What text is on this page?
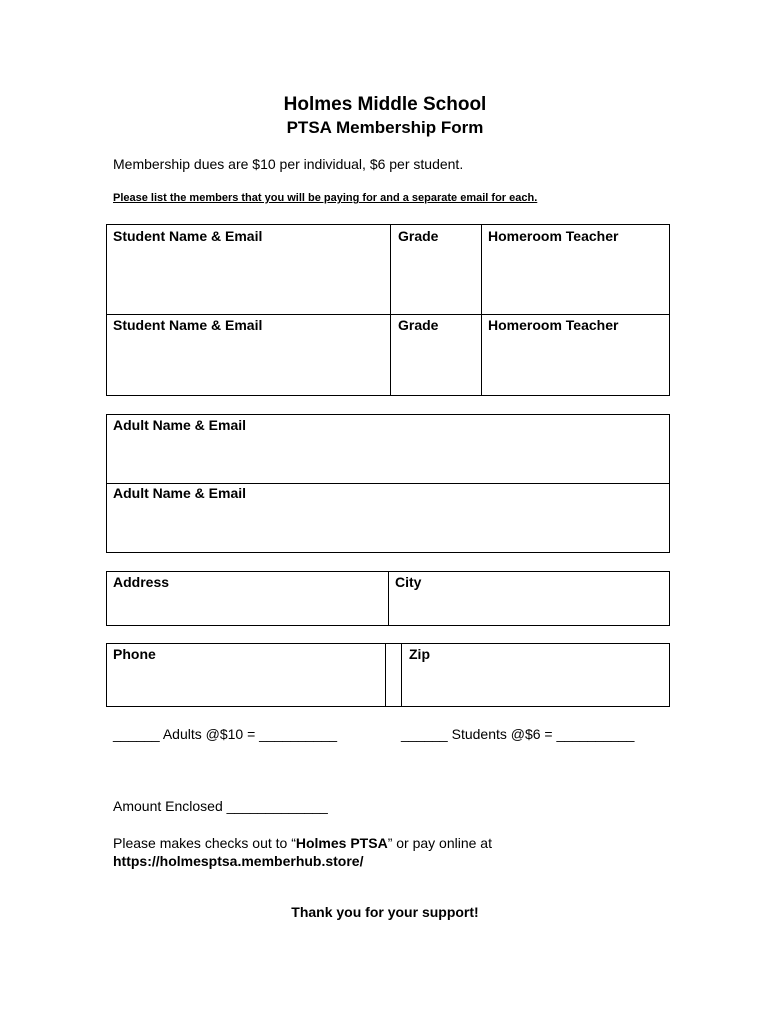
Holmes Middle School
PTSA Membership Form
Membership dues are $10 per individual, $6 per student.
Please list the members that you will be paying for and a separate email for each.
Student Name & Email	Grade	Homeroom Teacher
Student Name & Email	Grade	Homeroom Teacher
Adult Name & Email
Adult Name & Email
Address	City
Phone	Zip
______ Adults @$10 = __________	______ Students @$6 = __________
Amount Enclosed _____________
Please makes checks out to “Holmes PTSA” or pay online at
https://holmesptsa.memberhub.store/
Thank you for your support!
